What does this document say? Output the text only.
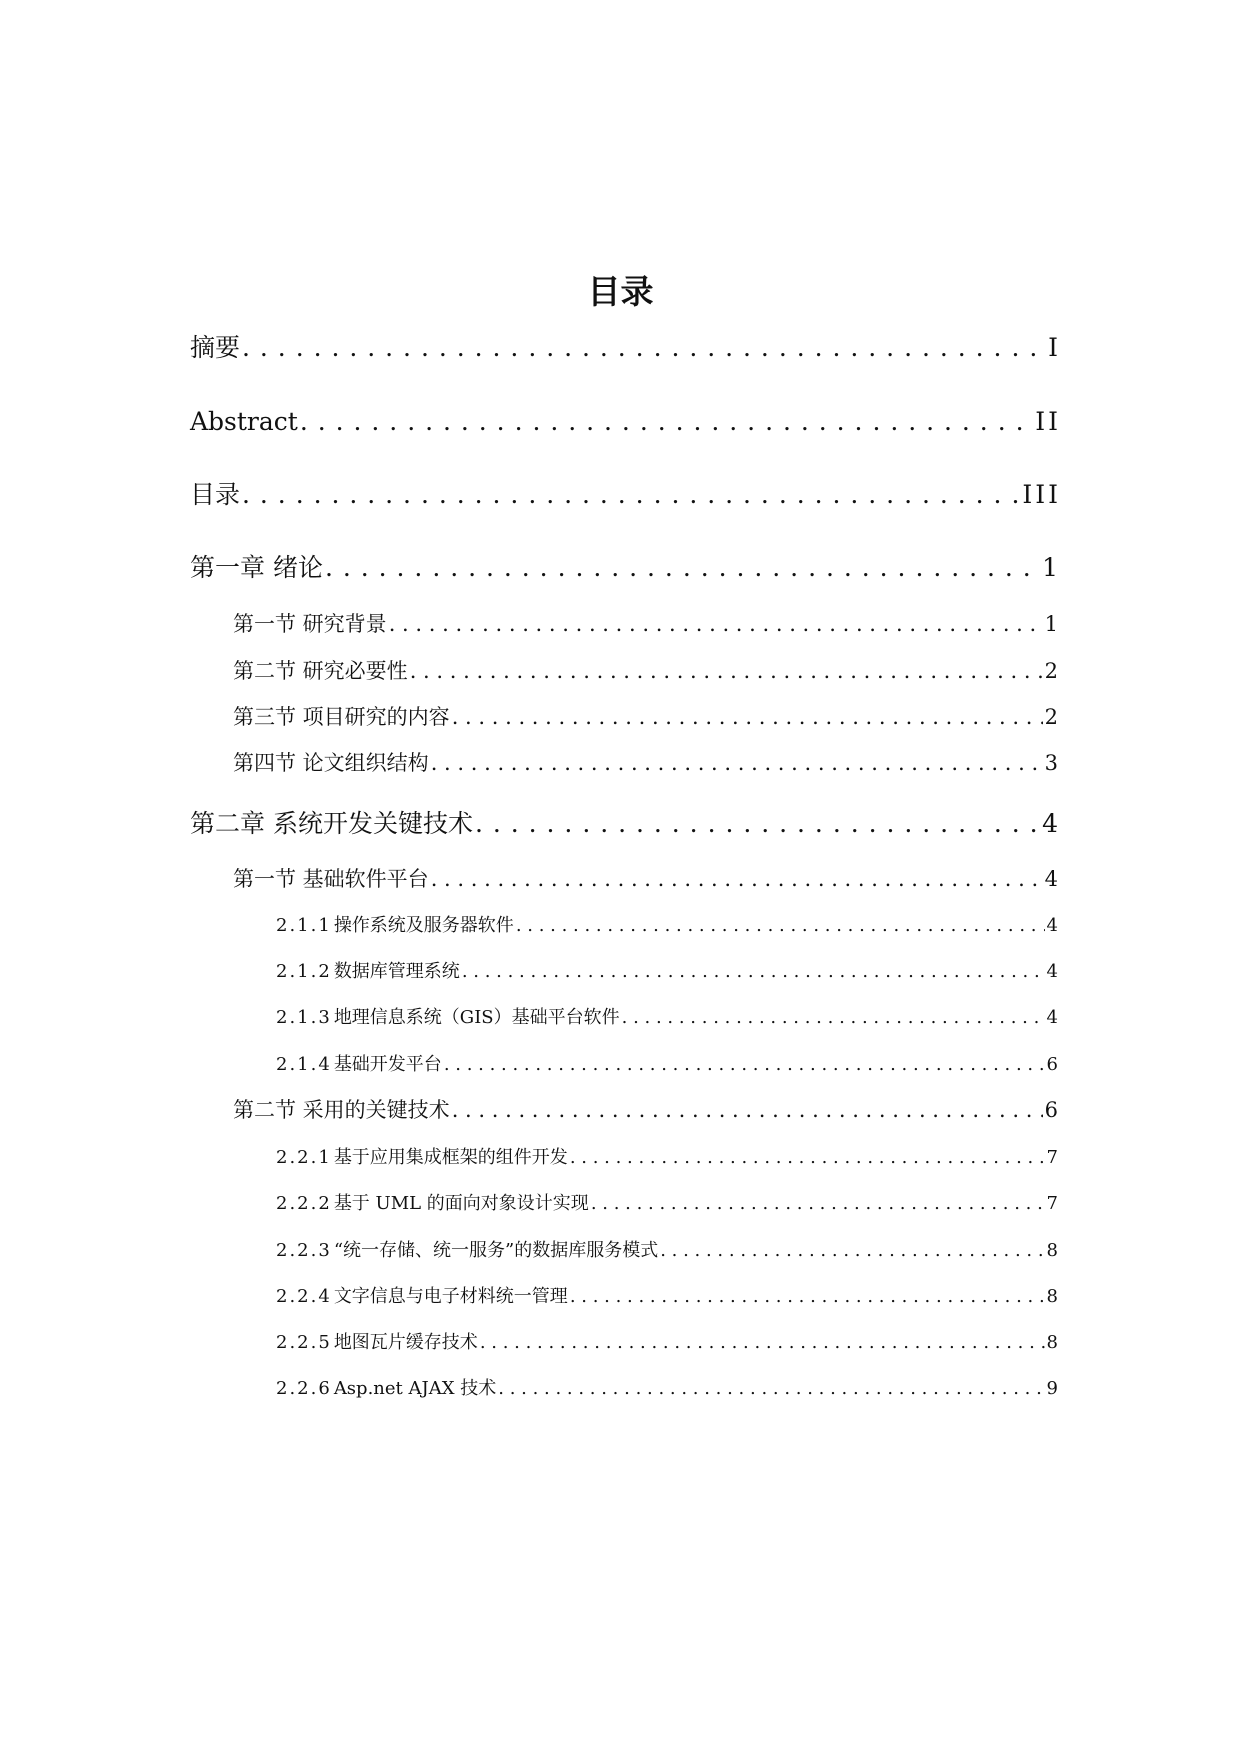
目录
摘要 . . .	I
Abstract . . .	II
目录 . . .	III
第一章 绪论 . . .	1
第一节 研究背景 . . .	1
第二节 研究必要性 . . .	2
第三节 项目研究的内容 . . .	2
第四节 论文组织结构 . . .	3
第二章 系统开发关键技术 . . .	4
第一节 基础软件平台 . . .	4
2.1.1 操作系统及服务器软件 . . .	4
2.1.2 数据库管理系统 . . .	4
2.1.3 地理信息系统（GIS）基础平台软件 . . .	4
2.1.4 基础开发平台 . . .	6
第二节 采用的关键技术 . . .	6
2.2.1 基于应用集成框架的组件开发 . . .	7
2.2.2 基于 UML 的面向对象设计实现 . . .	7
2.2.3 “统一存储、统一服务”的数据库服务模式 . . .	8
2.2.4 文字信息与电子材料统一管理 . . .	8
2.2.5 地图瓦片缓存技术 . . .	8
2.2.6 Asp.net AJAX 技术 . . .	9
